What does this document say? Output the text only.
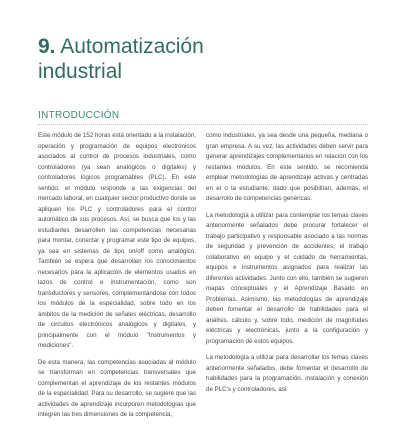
9. Automatización
industrial
INTRODUCCIÓN

Este módulo de 152 horas está orientado a la instalación, operación y programación de equipos electrónicos asociados al control de procesos industriales, como controladores (ya sean analógicos o digitales) y controladores lógicos programables (PLC). En este sentido, el módulo responde a las exigencias del mercado laboral, en cualquier sector productivo donde se apliquen los PLC y controladores para el control automático de sus procesos. Así, se busca que los y las estudiantes desarrollen las competencias necesarias para montar, conectar y programar este tipo de equipos, ya sea en sistemas de tipo on/off como analógico. También se espera que desarrollen los conocimientos necesarios para la aplicación de elementos usados en lazos de control e instrumentación, como son transductores y sensores, complementándose con todos los módulos de la especialidad, sobre todo en los ámbitos de la medición de señales eléctricas, desarrollo de circuitos electrónicos analógicos y digitales, y principalmente con el módulo "Instrumentos y mediciones".

De esta manera, las competencias asociadas al módulo se transforman en competencias transversales que complementan el aprendizaje de los restantes módulos de la especialidad. Para su desarrollo, se sugiere que las actividades de aprendizaje incorporen metodologías que integren las tres dimensiones de la competencia,

como industriales, ya sea desde una pequeña, mediana o gran empresa. A su vez, las actividades deben servir para generar aprendizajes complementarios en relación con los restantes módulos. En este sentido, se recomienda emplear metodologías de aprendizaje activas y centradas en el o la estudiante, dado que posibilitan, además, el desarrollo de competencias genéricas.

La metodología a utilizar para contemplar los temas claves anteriormente señalados debe procurar fortalecer el trabajo participativo y responsable asociado a las normas de seguridad y prevención de accidentes, el trabajo colaborativo en equipo y el cuidado de herramientas, equipos e instrumentos asignados para realizar las diferentes actividades. Junto con ello, también se sugieren mapas conceptuales y el Aprendizaje Basado en Problemas. Asimismo, las metodologías de aprendizaje deben fomentar el desarrollo de habilidades para el análisis, cálculo y, sobre todo, medición de magnitudes eléctricas y electrónicas, junto a la configuración y programación de estos equipos.

La metodología a utilizar para desarrollar los temas claves anteriormente señalados, debe fomentar el desarrollo de habilidades para la programación, instalación y conexión de PLC's y controladores, así
